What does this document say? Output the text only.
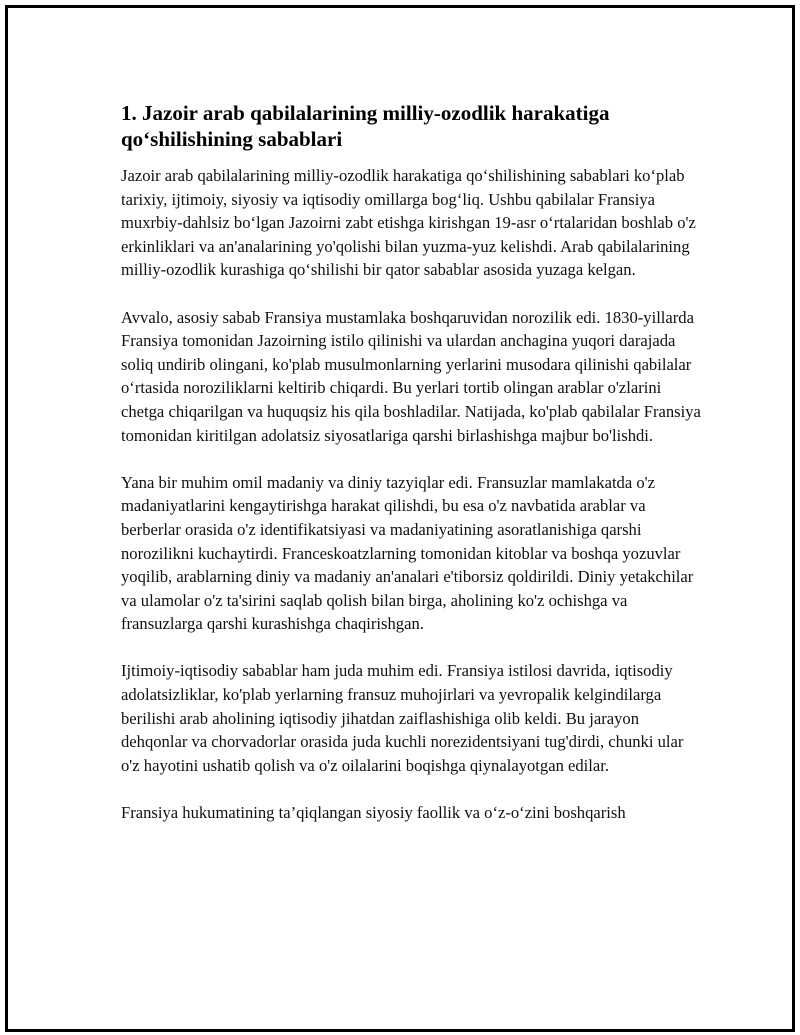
1. Jazoir arab qabilalarining milliy-ozodlik harakatiga qo‘shilishining sabablari

Jazoir arab qabilalarining milliy-ozodlik harakatiga qo‘shilishining sabablari ko‘plab tarixiy, ijtimoiy, siyosiy va iqtisodiy omillarga bog‘liq. Ushbu qabilalar Fransiya muxrbiy-dahlsiz bo‘lgan Jazoirni zabt etishga kirishgan 19-asr o‘rtalaridan boshlab o'z erkinliklari va an'analarining yo'qolishi bilan yuzma-yuz kelishdi. Arab qabilalarining milliy-ozodlik kurashiga qo‘shilishi bir qator sabablar asosida yuzaga kelgan.

Avvalo, asosiy sabab Fransiya mustamlaka boshqaruvidan norozilik edi. 1830-yillarda Fransiya tomonidan Jazoirning istilo qilinishi va ulardan anchagina yuqori darajada soliq undirib olingani, ko'plab musulmonlarning yerlarini musodara qilinishi qabilalar o‘rtasida noroziliklarni keltirib chiqardi. Bu yerlari tortib olingan arablar o'zlarini chetga chiqarilgan va huquqsiz his qila boshladilar. Natijada, ko'plab qabilalar Fransiya tomonidan kiritilgan adolatsiz siyosatlariga qarshi birlashishga majbur bo'lishdi.

Yana bir muhim omil madaniy va diniy tazyiqlar edi. Fransuzlar mamlakatda o'z madaniyatlarini kengaytirishga harakat qilishdi, bu esa o'z navbatida arablar va berberlar orasida o'z identifikatsiyasi va madaniyatining asoratlanishiga qarshi norozilikni kuchaytirdi. Franceskoatzlarning tomonidan kitoblar va boshqa yozuvlar yoqilib, arablarning diniy va madaniy an'analari e'tiborsiz qoldirildi. Diniy yetakchilar va ulamolar o'z ta'sirini saqlab qolish bilan birga, aholining ko'z ochishga va fransuzlarga qarshi kurashishga chaqirishgan.

Ijtimoiy-iqtisodiy sabablar ham juda muhim edi. Fransiya istilosi davrida, iqtisodiy adolatsizliklar, ko'plab yerlarning fransuz muhojirlari va yevropalik kelgindilarga berilishi arab aholining iqtisodiy jihatdan zaiflashishiga olib keldi. Bu jarayon dehqonlar va chorvadorlar orasida juda kuchli norezidentsiyani tug'dirdi, chunki ular o'z hayotini ushatib qolish va o'z oilalarini boqishga qiynalayotgan edilar.

Fransiya hukumatining ta’qiqlangan siyosiy faollik va o‘z-o‘zini boshqarish
